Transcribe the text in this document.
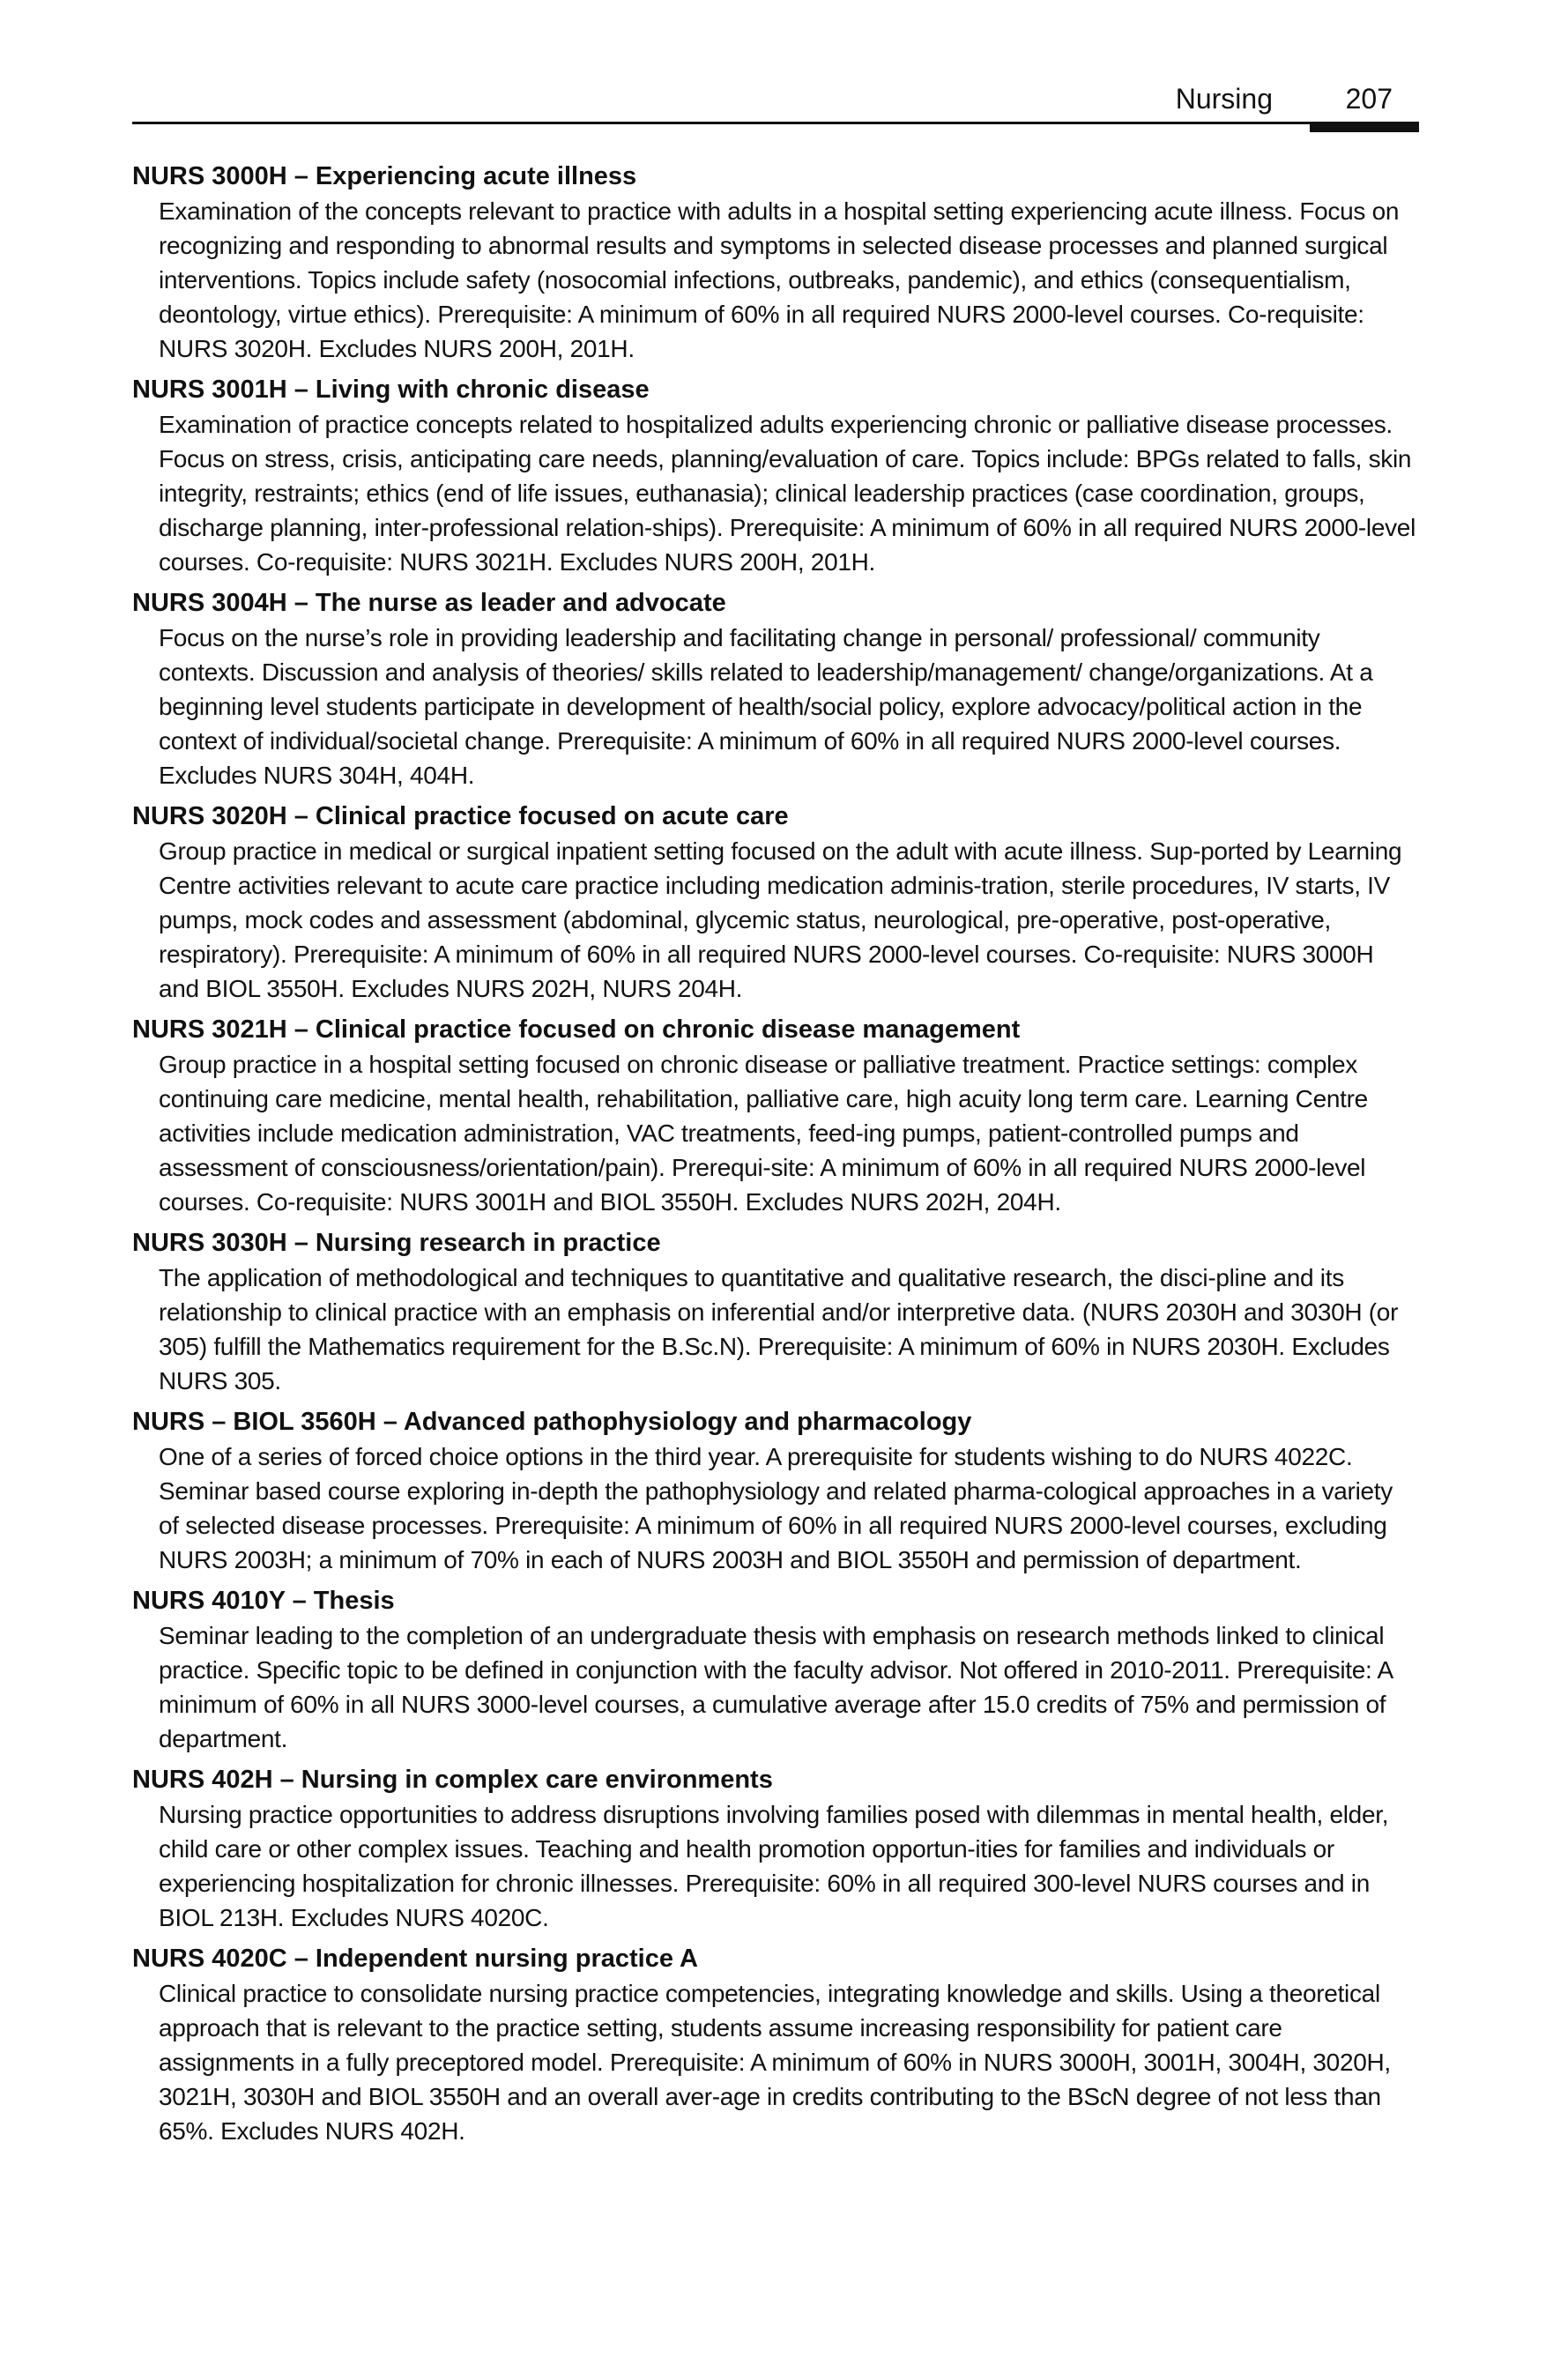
Nursing	207
NURS 3000H – Experiencing acute illness
Examination of the concepts relevant to practice with adults in a hospital setting experiencing acute illness. Focus on recognizing and responding to abnormal results and symptoms in selected disease processes and planned surgical interventions. Topics include safety (nosocomial infections, outbreaks, pandemic), and ethics (consequentialism, deontology, virtue ethics). Prerequisite: A minimum of 60% in all required NURS 2000-level courses. Co-requisite: NURS 3020H. Excludes NURS 200H, 201H.
NURS 3001H – Living with chronic disease
Examination of practice concepts related to hospitalized adults experiencing chronic or palliative disease processes. Focus on stress, crisis, anticipating care needs, planning/evaluation of care. Topics include: BPGs related to falls, skin integrity, restraints; ethics (end of life issues, euthanasia); clinical leadership practices (case coordination, groups, discharge planning, inter-professional relation-ships). Prerequisite: A minimum of 60% in all required NURS 2000-level courses. Co-requisite: NURS 3021H. Excludes NURS 200H, 201H.
NURS 3004H – The nurse as leader and advocate
Focus on the nurse’s role in providing leadership and facilitating change in personal/ professional/ community contexts. Discussion and analysis of theories/ skills related to leadership/management/ change/organizations. At a beginning level students participate in development of health/social policy, explore advocacy/political action in the context of individual/societal change. Prerequisite: A minimum of 60% in all required NURS 2000-level courses. Excludes NURS 304H, 404H.
NURS 3020H – Clinical practice focused on acute care
Group practice in medical or surgical inpatient setting focused on the adult with acute illness. Sup-ported by Learning Centre activities relevant to acute care practice including medication adminis-tration, sterile procedures, IV starts, IV pumps, mock codes and assessment (abdominal, glycemic status, neurological, pre-operative, post-operative, respiratory). Prerequisite: A minimum of 60% in all required NURS 2000-level courses. Co-requisite: NURS 3000H and BIOL 3550H. Excludes NURS 202H, NURS 204H.
NURS 3021H – Clinical practice focused on chronic disease management
Group practice in a hospital setting focused on chronic disease or palliative treatment. Practice settings: complex continuing care medicine, mental health, rehabilitation, palliative care, high acuity long term care. Learning Centre activities include medication administration, VAC treatments, feed-ing pumps, patient-controlled pumps and assessment of consciousness/orientation/pain). Prerequi-site: A minimum of 60% in all required NURS 2000-level courses. Co-requisite: NURS 3001H and BIOL 3550H. Excludes NURS 202H, 204H.
NURS 3030H – Nursing research in practice
The application of methodological and techniques to quantitative and qualitative research, the disci-pline and its relationship to clinical practice with an emphasis on inferential and/or interpretive data. (NURS 2030H and 3030H (or 305) fulfill the Mathematics requirement for the B.Sc.N). Prerequisite: A minimum of 60% in NURS 2030H. Excludes NURS 305.
NURS – BIOL 3560H – Advanced pathophysiology and pharmacology
One of a series of forced choice options in the third year. A prerequisite for students wishing to do NURS 4022C. Seminar based course exploring in-depth the pathophysiology and related pharma-cological approaches in a variety of selected disease processes. Prerequisite: A minimum of 60% in all required NURS 2000-level courses, excluding NURS 2003H; a minimum of 70% in each of NURS 2003H and BIOL 3550H and permission of department.
NURS 4010Y – Thesis
Seminar leading to the completion of an undergraduate thesis with emphasis on research methods linked to clinical practice. Specific topic to be defined in conjunction with the faculty advisor. Not offered in 2010-2011. Prerequisite: A minimum of 60% in all NURS 3000-level courses, a cumulative average after 15.0 credits of 75% and permission of department.
NURS 402H – Nursing in complex care environments
Nursing practice opportunities to address disruptions involving families posed with dilemmas in mental health, elder, child care or other complex issues. Teaching and health promotion opportun-ities for families and individuals or experiencing hospitalization for chronic illnesses. Prerequisite: 60% in all required 300-level NURS courses and in BIOL 213H. Excludes NURS 4020C.
NURS 4020C – Independent nursing practice A
Clinical practice to consolidate nursing practice competencies, integrating knowledge and skills. Using a theoretical approach that is relevant to the practice setting, students assume increasing responsibility for patient care assignments in a fully preceptored model. Prerequisite: A minimum of 60% in NURS 3000H, 3001H, 3004H, 3020H, 3021H, 3030H and BIOL 3550H and an overall aver-age in credits contributing to the BScN degree of not less than 65%. Excludes NURS 402H.
